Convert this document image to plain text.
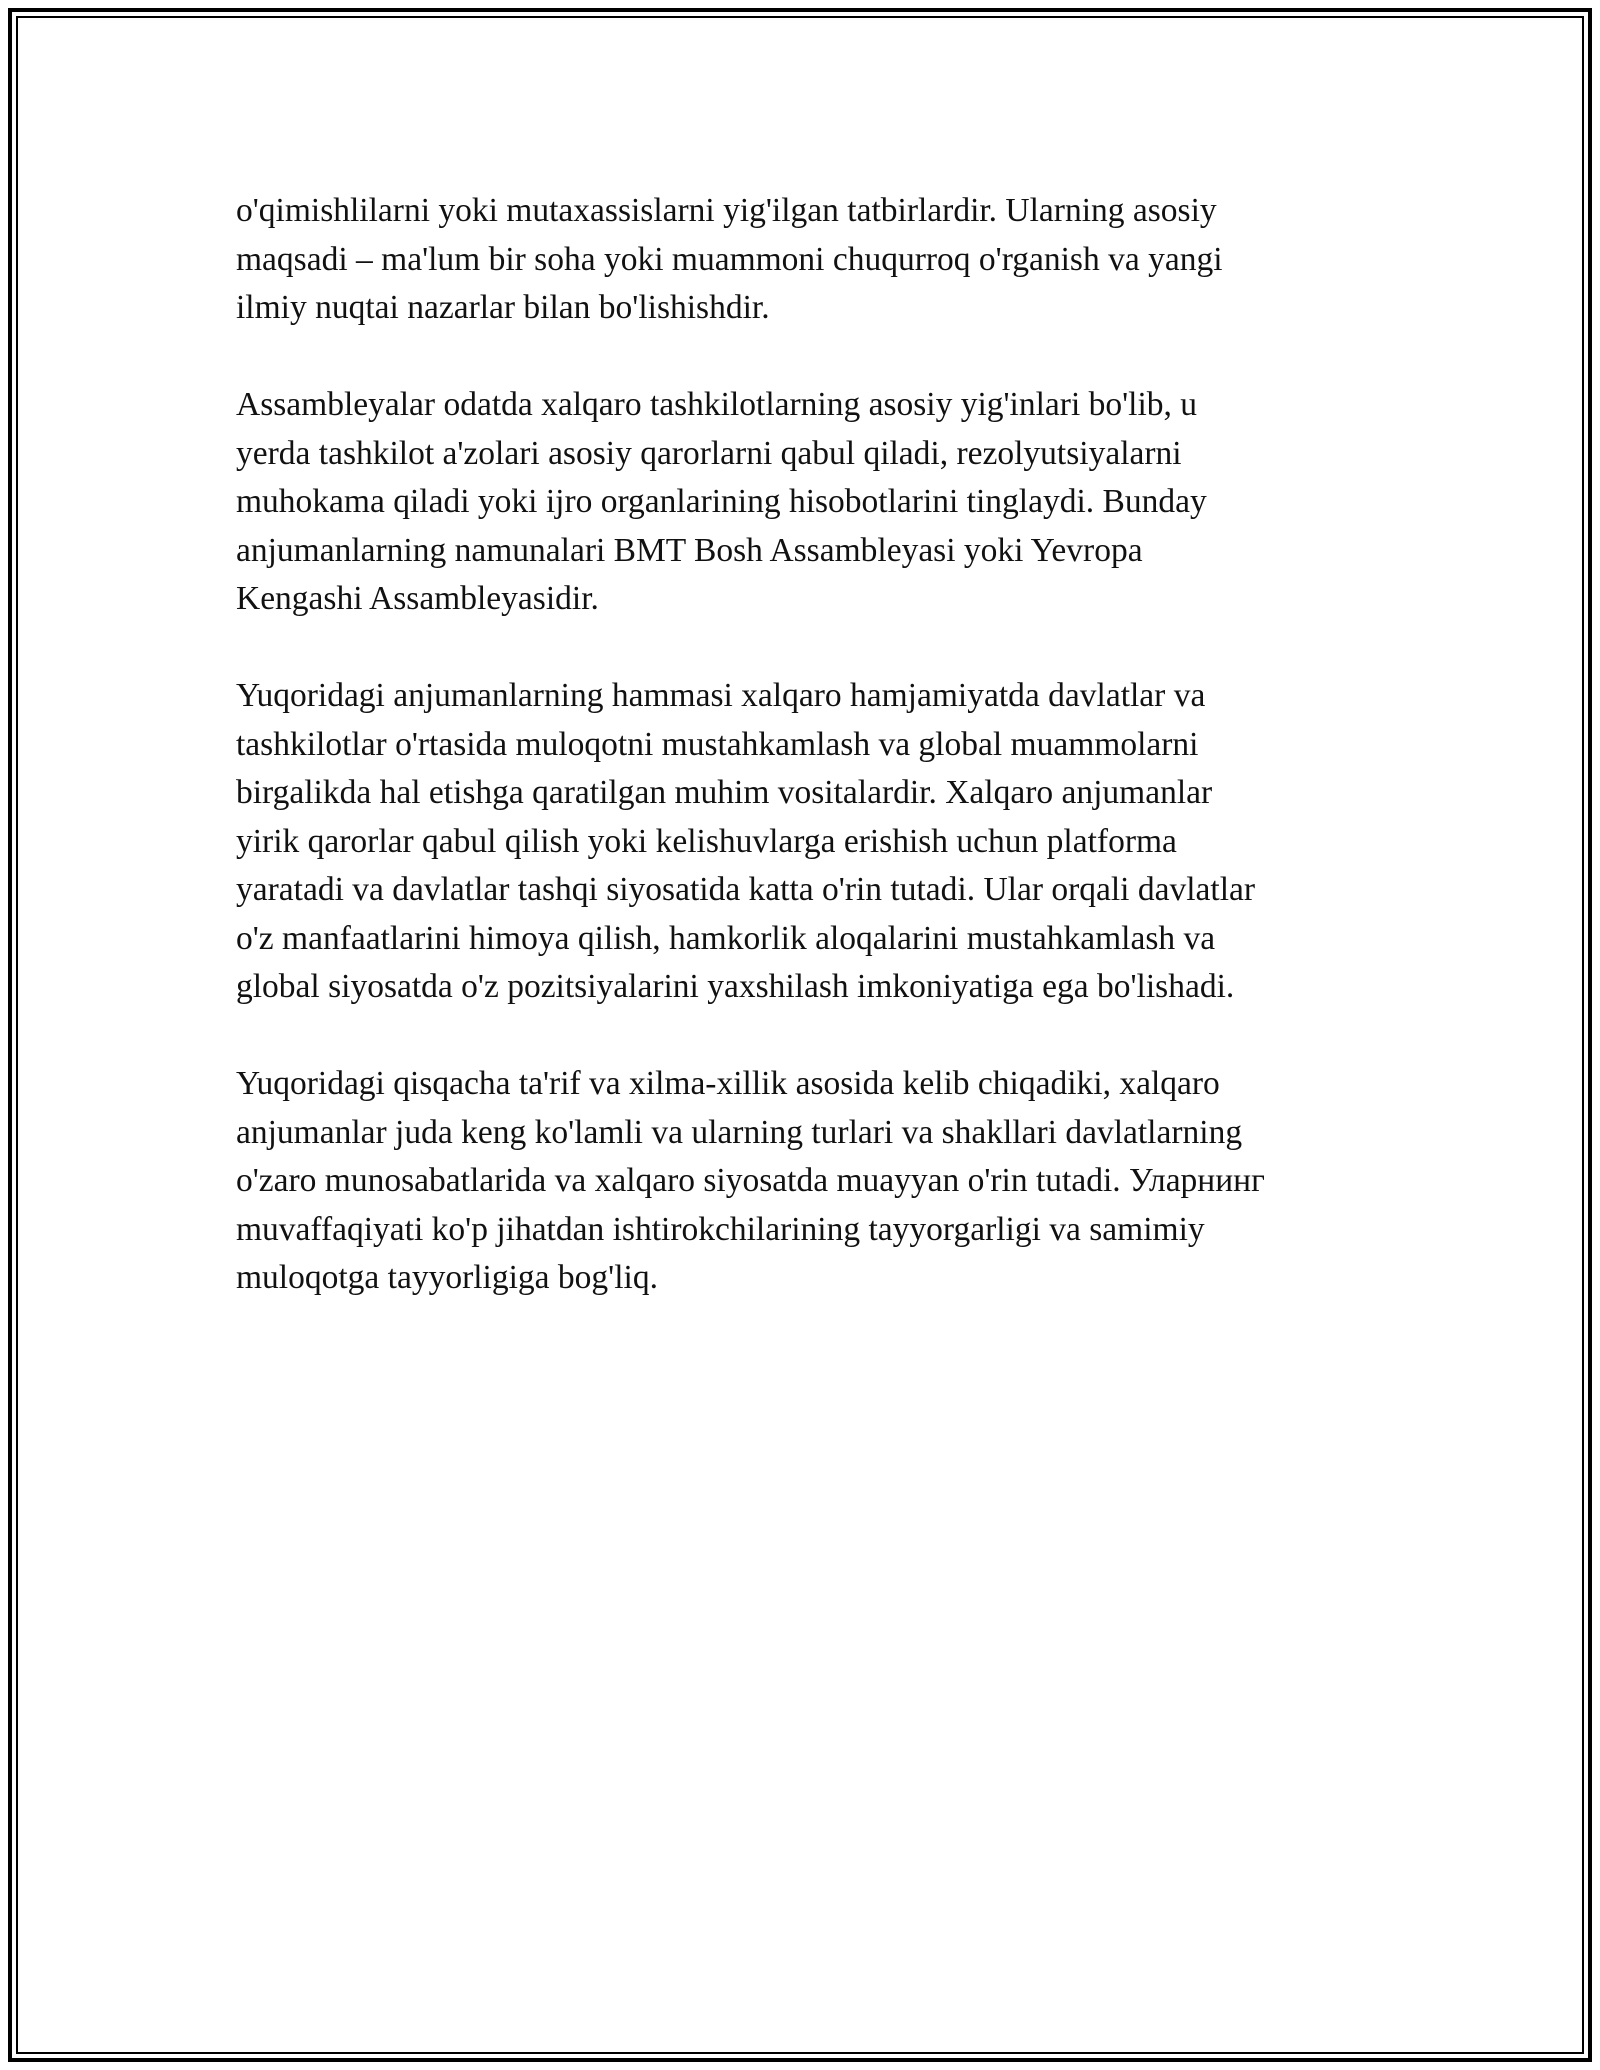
o'qimishlilarni yoki mutaxassislarni yig'ilgan tatbirlardir. Ularning asosiy
maqsadi – ma'lum bir soha yoki muammoni chuqurroq o'rganish va yangi
ilmiy nuqtai nazarlar bilan bo'lishishdir.

Assambleyalar odatda xalqaro tashkilotlarning asosiy yig'inlari bo'lib, u
yerda tashkilot a'zolari asosiy qarorlarni qabul qiladi, rezolyutsiyalarni
muhokama qiladi yoki ijro organlarining hisobotlarini tinglaydi. Bunday
anjumanlarning namunalari BMT Bosh Assambleyasi yoki Yevropa
Kengashi Assambleyasidir.

Yuqoridagi anjumanlarning hammasi xalqaro hamjamiyatda davlatlar va
tashkilotlar o'rtasida muloqotni mustahkamlash va global muammolarni
birgalikda hal etishga qaratilgan muhim vositalardir. Xalqaro anjumanlar
yirik qarorlar qabul qilish yoki kelishuvlarga erishish uchun platforma
yaratadi va davlatlar tashqi siyosatida katta o'rin tutadi. Ular orqali davlatlar
o'z manfaatlarini himoya qilish, hamkorlik aloqalarini mustahkamlash va
global siyosatda o'z pozitsiyalarini yaxshilash imkoniyatiga ega bo'lishadi.

Yuqoridagi qisqacha ta'rif va xilma-xillik asosida kelib chiqadiki, xalqaro
anjumanlar juda keng ko'lamli va ularning turlari va shakllari davlatlarning
o'zaro munosabatlarida va xalqaro siyosatda muayyan o'rin tutadi. Уларнинг
muvaffaqiyati ko'p jihatdan ishtirokchilarining tayyorgarligi va samimiy
muloqotga tayyorligiga bog'liq.
